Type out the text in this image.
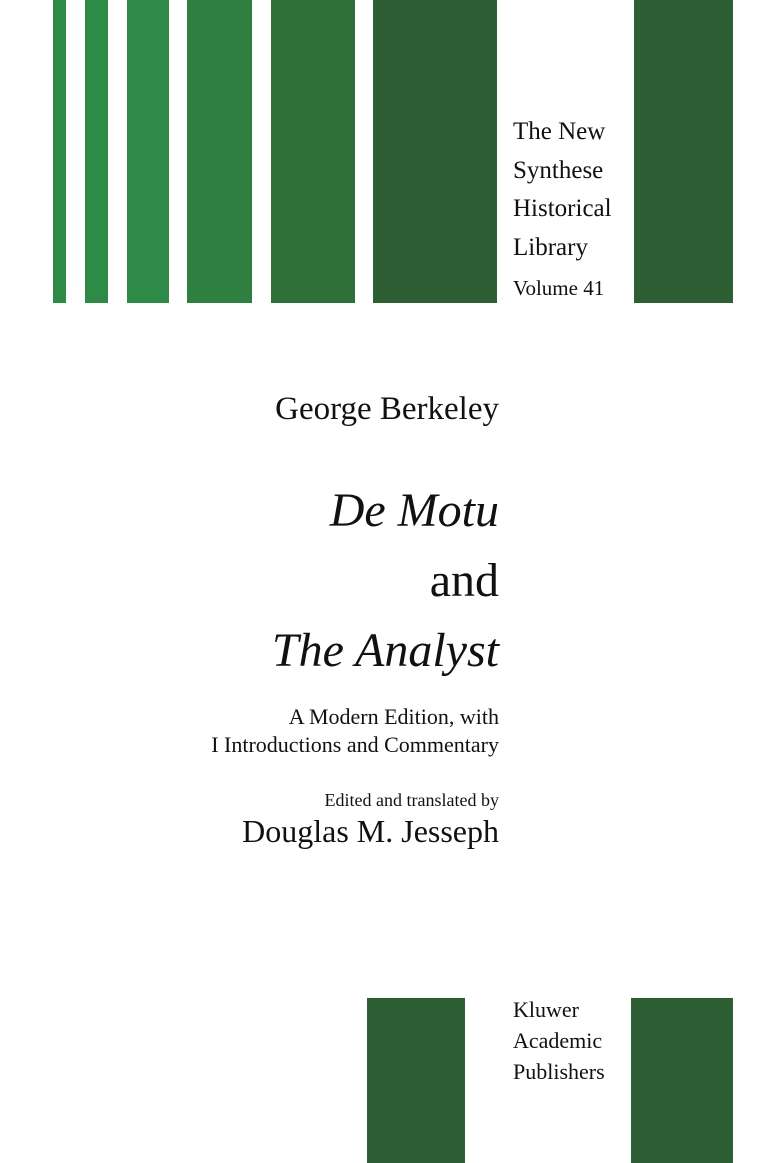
The New
Synthese
Historical
Library
Volume 41
George Berkeley
De Motu
and
The Analyst
A Modern Edition, with
I Introductions and Commentary
Edited and translated by
Douglas M. Jesseph
Kluwer
Academic
Publishers
